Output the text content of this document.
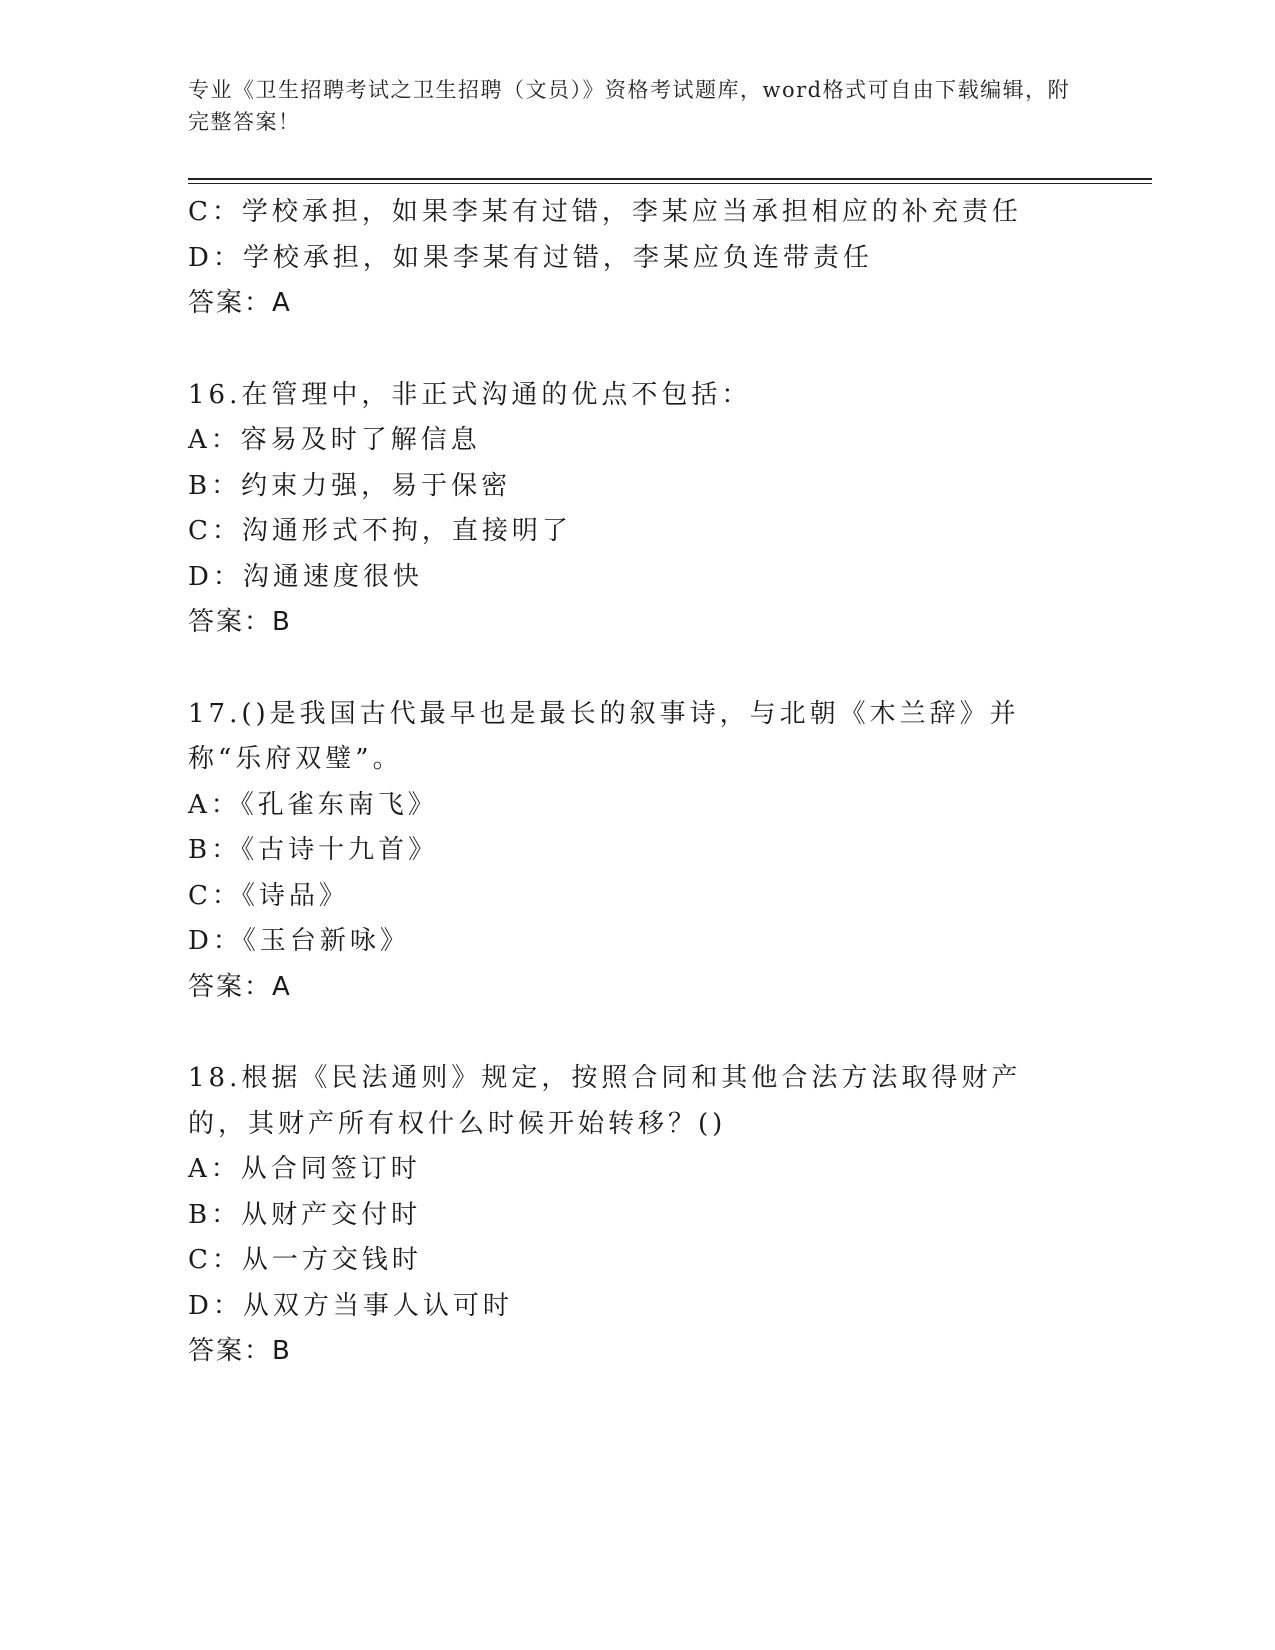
专业《卫生招聘考试之卫生招聘（文员）》资格考试题库，word格式可自由下载编辑，附完整答案！
C：学校承担，如果李某有过错，李某应当承担相应的补充责任
D：学校承担，如果李某有过错，李某应负连带责任
答案：A
16.在管理中，非正式沟通的优点不包括：
A：容易及时了解信息
B：约束力强，易于保密
C：沟通形式不拘，直接明了
D：沟通速度很快
答案：B
17.()是我国古代最早也是最长的叙事诗，与北朝《木兰辞》并称“乐府双璧”。
A：《孔雀东南飞》
B：《古诗十九首》
C：《诗品》
D：《玉台新咏》
答案：A
18.根据《民法通则》规定，按照合同和其他合法方法取得财产的，其财产所有权什么时候开始转移？()
A：从合同签订时
B：从财产交付时
C：从一方交钱时
D：从双方当事人认可时
答案：B
